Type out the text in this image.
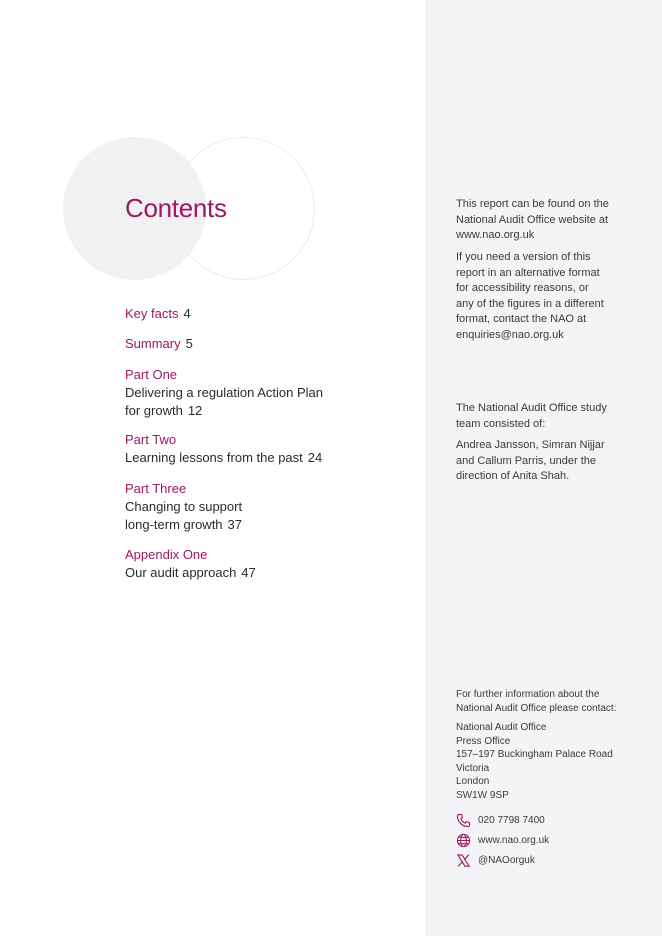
Contents
Key facts 4
Summary 5
Part One
Delivering a regulation Action Plan
for growth 12
Part Two
Learning lessons from the past 24
Part Three
Changing to support
long-term growth 37
Appendix One
Our audit approach 47

This report can be found on the

National Audit Office website at

www.nao.org.uk

If you need a version of this

report in an alternative format

for accessibility reasons, or

any of the figures in a different

format, contact the NAO at

enquiries@nao.org.uk

The National Audit Office study

team consisted of:

Andrea Jansson, Simran Nijjar

and Callum Parris, under the

direction of Anita Shah.

For further information about the

National Audit Office please contact:

National Audit Office

Press Office

157–197 Buckingham Palace Road

Victoria

London

SW1W 9SP

020 7798 7400
www.nao.org.uk
@NAOorguk
